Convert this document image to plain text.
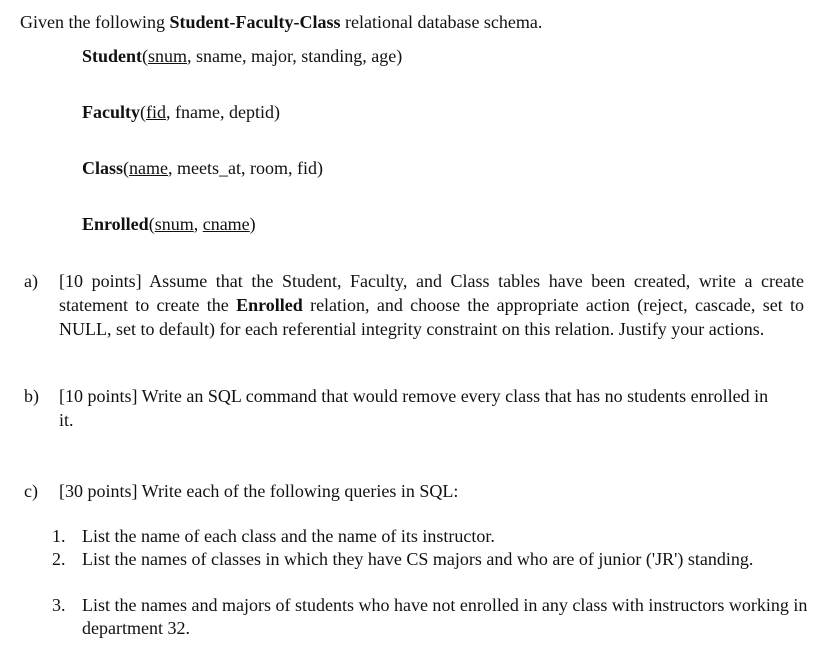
Given the following Student-Faculty-Class relational database schema.
Student(snum, sname, major, standing, age)
Faculty(fid, fname, deptid)
Class(name, meets_at, room, fid)
Enrolled(snum, cname)
a) [10 points] Assume that the Student, Faculty, and Class tables have been created, write a create statement to create the Enrolled relation, and choose the appropriate action (reject, cascade, set to NULL, set to default) for each referential integrity constraint on this relation. Justify your actions.
b) [10 points] Write an SQL command that would remove every class that has no students enrolled in it.
c) [30 points] Write each of the following queries in SQL:
1. List the name of each class and the name of its instructor.
2. List the names of classes in which they have CS majors and who are of junior ('JR') standing.
3. List the names and majors of students who have not enrolled in any class with instructors working in department 32.
